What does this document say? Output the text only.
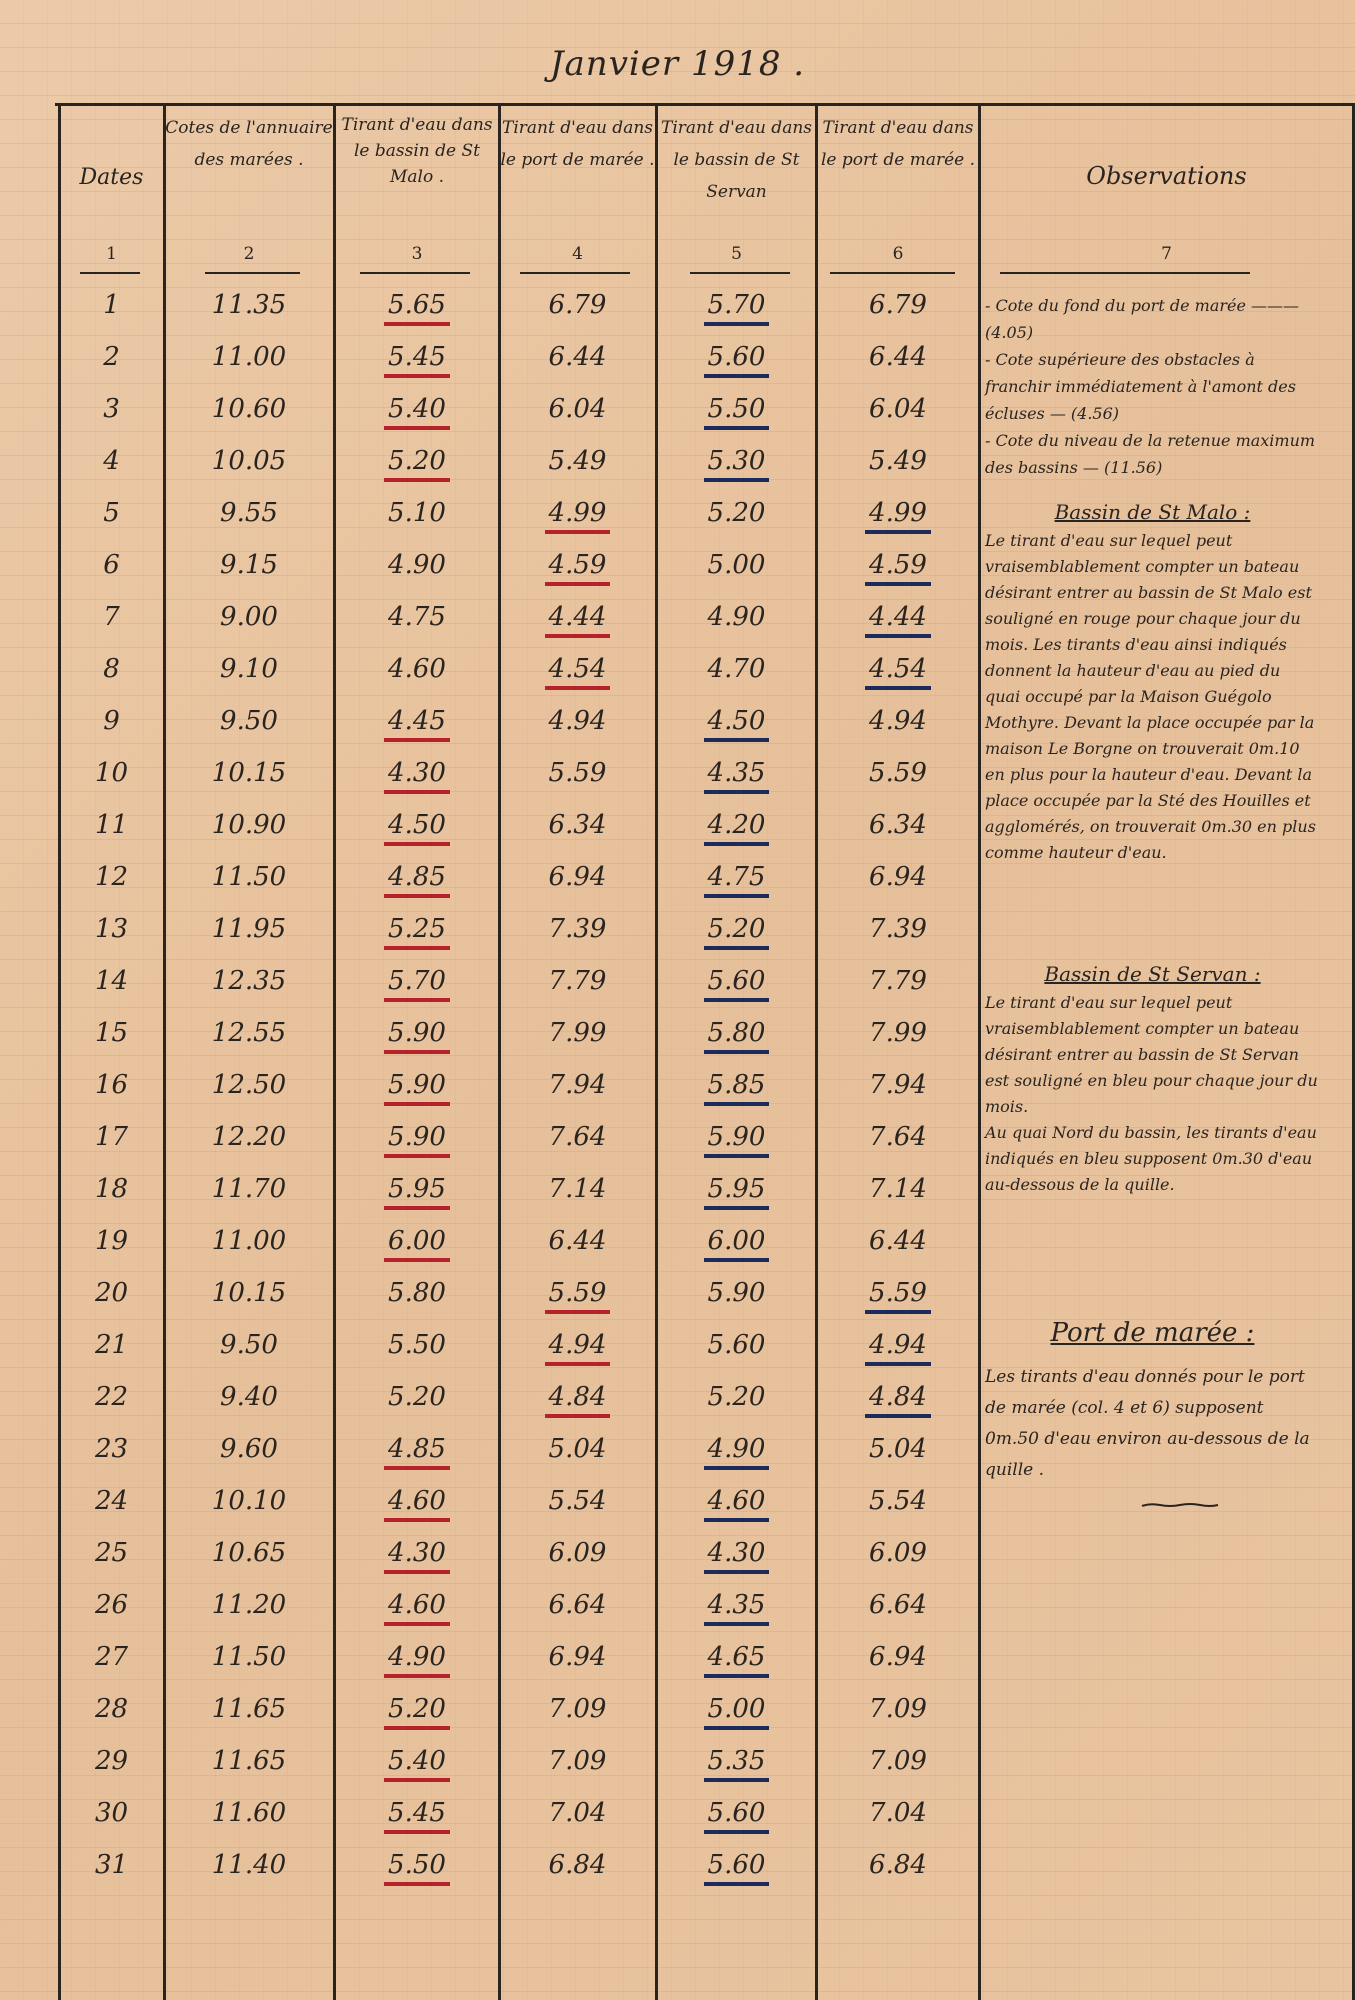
Janvier 1918 .
Dates
Cotes de l'annuaire des marées .
Tirant d'eau dans le bassin de St Malo .
Tirant d'eau dans le port de marée .
Tirant d'eau dans le bassin de St Servan
Tirant d'eau dans le port de marée .
Observations
1	2	3	4	5	6	7
1	11.35	5.65	6.79	5.70	6.79
2	11.00	5.45	6.44	5.60	6.44
3	10.60	5.40	6.04	5.50	6.04
4	10.05	5.20	5.49	5.30	5.49
5	9.55	5.10	4.99	5.20	4.99
6	9.15	4.90	4.59	5.00	4.59
7	9.00	4.75	4.44	4.90	4.44
8	9.10	4.60	4.54	4.70	4.54
9	9.50	4.45	4.94	4.50	4.94
10	10.15	4.30	5.59	4.35	5.59
11	10.90	4.50	6.34	4.20	6.34
12	11.50	4.85	6.94	4.75	6.94
13	11.95	5.25	7.39	5.20	7.39
14	12.35	5.70	7.79	5.60	7.79
15	12.55	5.90	7.99	5.80	7.99
16	12.50	5.90	7.94	5.85	7.94
17	12.20	5.90	7.64	5.90	7.64
18	11.70	5.95	7.14	5.95	7.14
19	11.00	6.00	6.44	6.00	6.44
20	10.15	5.80	5.59	5.90	5.59
21	9.50	5.50	4.94	5.60	4.94
22	9.40	5.20	4.84	5.20	4.84
23	9.60	4.85	5.04	4.90	5.04
24	10.10	4.60	5.54	4.60	5.54
25	10.65	4.30	6.09	4.30	6.09
26	11.20	4.60	6.64	4.35	6.64
27	11.50	4.90	6.94	4.65	6.94
28	11.65	5.20	7.09	5.00	7.09
29	11.65	5.40	7.09	5.35	7.09
30	11.60	5.45	7.04	5.60	7.04
31	11.40	5.50	6.84	5.60	6.84
- Cote du fond du port de marée ——— (4.05)
- Cote supérieure des obstacles à franchir immédiatement à l'amont des écluses — (4.56)
- Cote du niveau de la retenue maximum des bassins — (11.56)
Bassin de St Malo :
Le tirant d'eau sur lequel peut vraisemblablement compter un bateau désirant entrer au bassin de St Malo est souligné en rouge pour chaque jour du mois. Les tirants d'eau ainsi indiqués donnent la hauteur d'eau au pied du quai occupé par la Maison Guégolo Mothyre. Devant la place occupée par la maison Le Borgne on trouverait 0m.10 en plus pour la hauteur d'eau. Devant la place occupée par la Sté des Houilles et agglomérés, on trouverait 0m.30 en plus comme hauteur d'eau.
Bassin de St Servan :
Le tirant d'eau sur lequel peut vraisemblablement compter un bateau désirant entrer au bassin de St Servan est souligné en bleu pour chaque jour du mois.
Au quai Nord du bassin, les tirants d'eau indiqués en bleu supposent 0m.30 d'eau au-dessous de la quille.
Port de marée :
Les tirants d'eau donnés pour le port de marée (col. 4 et 6) supposent 0m.50 d'eau environ au-dessous de la quille .
